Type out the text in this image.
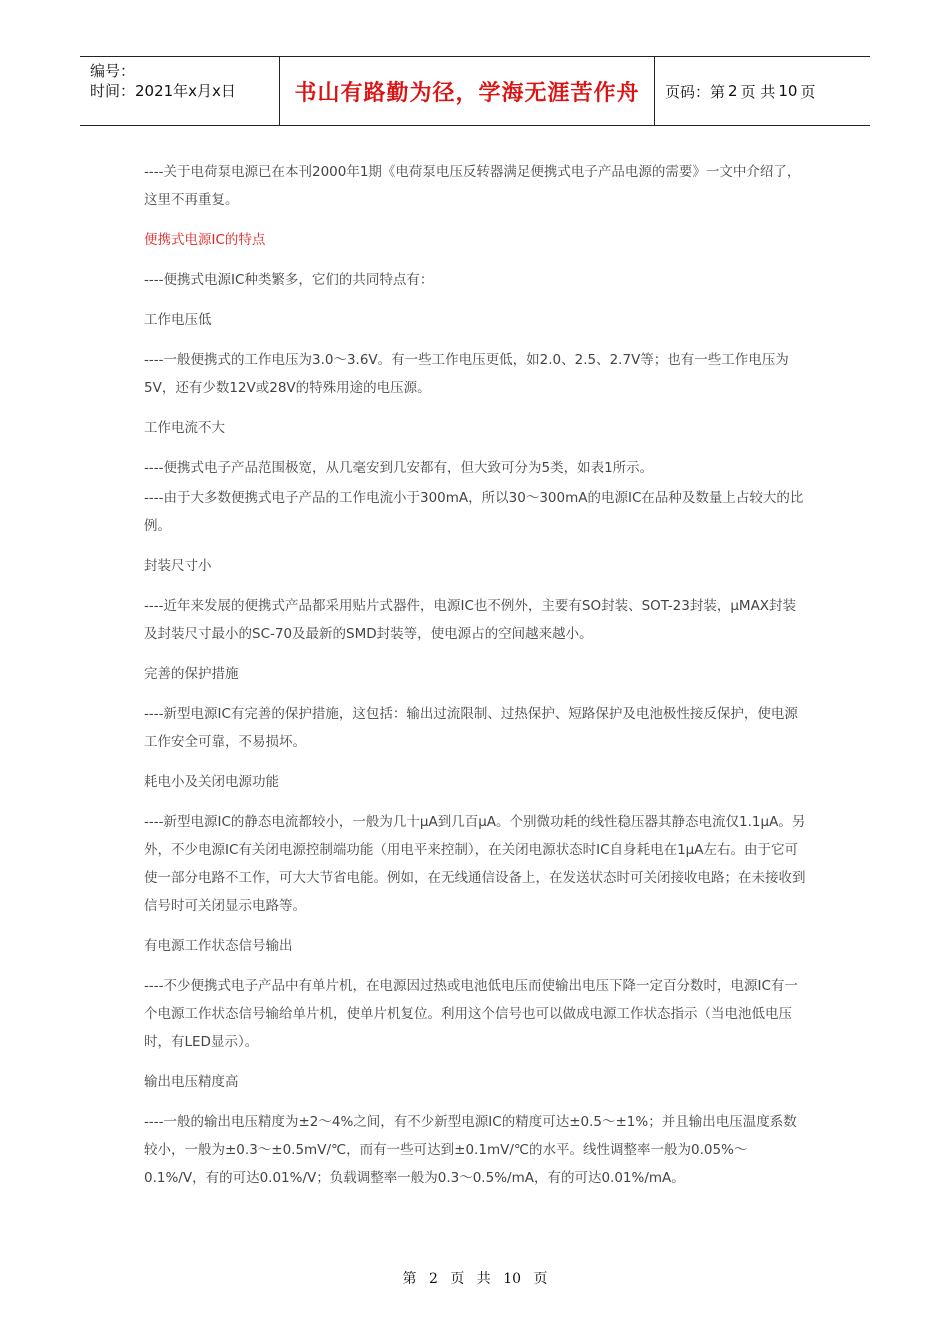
编号：
时间：2021年x月x日	书山有路勤为径，学海无涯苦作舟	页码：第 2 页 共 10 页

----关于电荷泵电源已在本刊2000年1期《电荷泵电压反转器满足便携式电子产品电源的需要》一文中介绍了，这里不再重复。

便携式电源IC的特点

----便携式电源IC种类繁多，它们的共同特点有：

工作电压低

----一般便携式的工作电压为3.0～3.6V。有一些工作电压更低，如2.0、2.5、2.7V等；也有一些工作电压为5V，还有少数12V或28V的特殊用途的电压源。

工作电流不大

----便携式电子产品范围极宽，从几毫安到几安都有，但大致可分为5类，如表1所示。

----由于大多数便携式电子产品的工作电流小于300mA，所以30～300mA的电源IC在品种及数量上占较大的比例。

封装尺寸小

----近年来发展的便携式产品都采用贴片式器件，电源IC也不例外，主要有SO封装、SOT-23封装，μMAX封装及封装尺寸最小的SC-70及最新的SMD封装等，使电源占的空间越来越小。

完善的保护措施

----新型电源IC有完善的保护措施，这包括：输出过流限制、过热保护、短路保护及电池极性接反保护，使电源工作安全可靠，不易损坏。

耗电小及关闭电源功能

----新型电源IC的静态电流都较小，一般为几十μA到几百μA。个别微功耗的线性稳压器其静态电流仅1.1μA。另外，不少电源IC有关闭电源控制端功能（用电平来控制），在关闭电源状态时IC自身耗电在1μA左右。由于它可使一部分电路不工作，可大大节省电能。例如，在无线通信设备上，在发送状态时可关闭接收电路；在未接收到信号时可关闭显示电路等。

有电源工作状态信号输出

----不少便携式电子产品中有单片机，在电源因过热或电池低电压而使输出电压下降一定百分数时，电源IC有一个电源工作状态信号输给单片机，使单片机复位。利用这个信号也可以做成电源工作状态指示（当电池低电压时，有LED显示）。

输出电压精度高

----一般的输出电压精度为±2～4%之间，有不少新型电源IC的精度可达±0.5～±1%；并且输出电压温度系数较小，一般为±0.3～±0.5mV/℃，而有一些可达到±0.1mV/℃的水平。线性调整率一般为0.05%～0.1%/V，有的可达0.01%/V；负载调整率一般为0.3～0.5%/mA，有的可达0.01%/mA。

第 2 页 共 10 页
